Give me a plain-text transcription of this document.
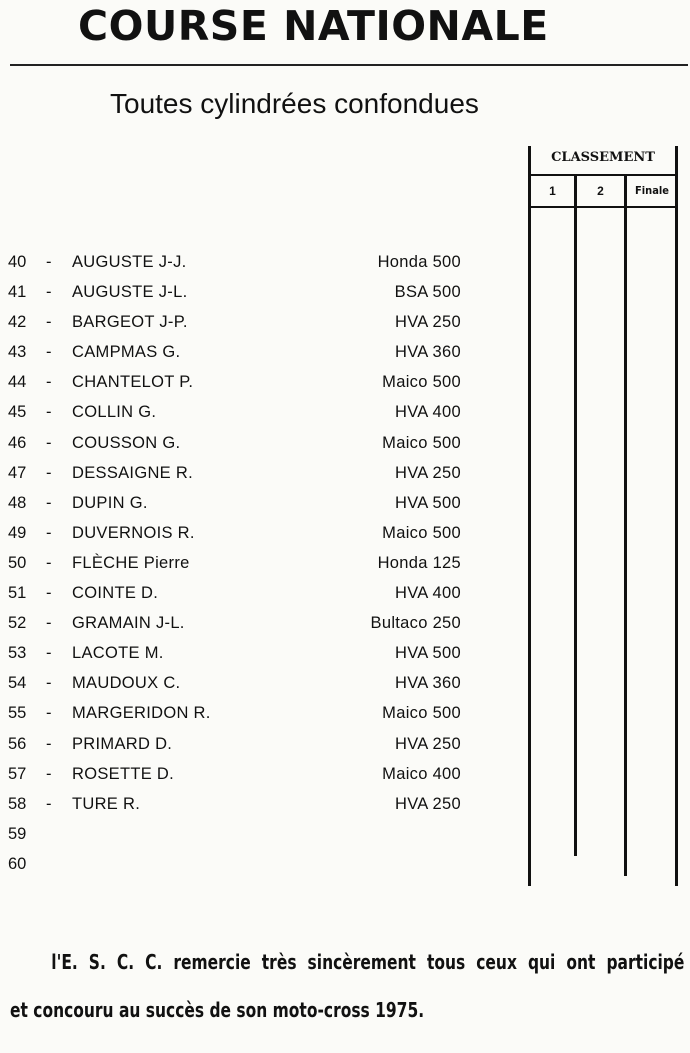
COURSE NATIONALE
Toutes cylindrées confondues
CLASSEMENT
1	2	Finale
40 - AUGUSTE J-J.	Honda 500
41 - AUGUSTE J-L.	BSA 500
42 - BARGEOT J-P.	HVA 250
43 - CAMPMAS G.	HVA 360
44 - CHANTELOT P.	Maico 500
45 - COLLIN G.	HVA 400
46 - COUSSON G.	Maico 500
47 - DESSAIGNE R.	HVA 250
48 - DUPIN G.	HVA 500
49 - DUVERNOIS R.	Maico 500
50 - FLÈCHE Pierre	Honda 125
51 - COINTE D.	HVA 400
52 - GRAMAIN J-L.	Bultaco 250
53 - LACOTE M.	HVA 500
54 - MAUDOUX C.	HVA 360
55 - MARGERIDON R.	Maico 500
56 - PRIMARD D.	HVA 250
57 - ROSETTE D.	Maico 400
58 - TURE R.	HVA 250
59
60

l'E. S. C. C. remercie très sincèrement tous ceux qui ont participé

et concouru au succès de son moto-cross 1975.
